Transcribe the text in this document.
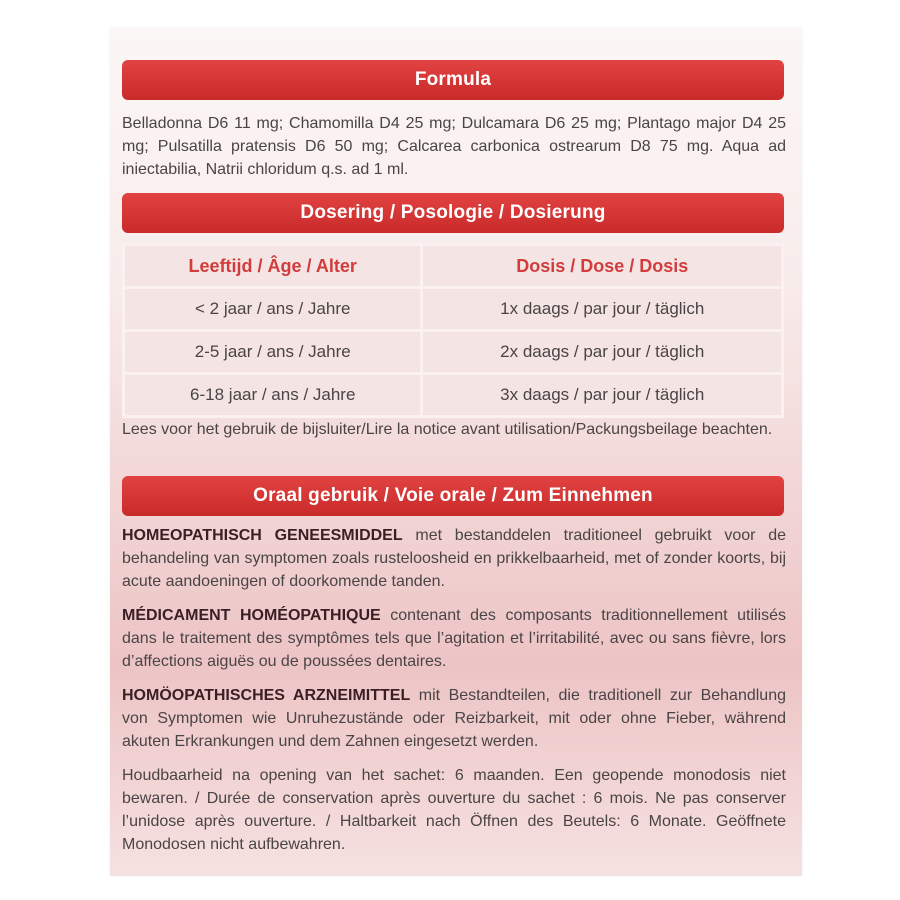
Formula
Belladonna D6 11 mg; Chamomilla D4 25 mg; Dulcamara D6 25 mg; Plantago major D4 25 mg; Pulsatilla pratensis D6 50 mg; Calcarea carbonica ostrearum D8 75 mg. Aqua ad iniectabilia, Natrii chloridum q.s. ad 1 ml.
Dosering / Posologie / Dosierung
Leeftijd / Âge / Alter	Dosis / Dose / Dosis
< 2 jaar / ans / Jahre	1x daags / par jour / täglich
2-5 jaar / ans / Jahre	2x daags / par jour / täglich
6-18 jaar / ans / Jahre	3x daags / par jour / täglich
Lees voor het gebruik de bijsluiter/Lire la notice avant utilisation/Packungsbeilage beachten.
Oraal gebruik / Voie orale / Zum Einnehmen
HOMEOPATHISCH GENEESMIDDEL met bestanddelen traditioneel gebruikt voor de behandeling van symptomen zoals rusteloosheid en prikkelbaarheid, met of zonder koorts, bij acute aandoeningen of doorkomende tanden.
MÉDICAMENT HOMÉOPATHIQUE contenant des composants traditionnellement utilisés dans le traitement des symptômes tels que l’agitation et l’irritabilité, avec ou sans fièvre, lors d’affections aiguës ou de poussées dentaires.
HOMÖOPATHISCHES ARZNEIMITTEL mit Bestandteilen, die traditionell zur Behandlung von Symptomen wie Unruhezustände oder Reizbarkeit, mit oder ohne Fieber, während akuten Erkrankungen und dem Zahnen eingesetzt werden.
Houdbaarheid na opening van het sachet: 6 maanden. Een geopende monodosis niet bewaren. / Durée de conservation après ouverture du sachet : 6 mois. Ne pas conserver l’unidose après ouverture. / Haltbarkeit nach Öffnen des Beutels: 6 Monate. Geöffnete Monodosen nicht aufbewahren.
